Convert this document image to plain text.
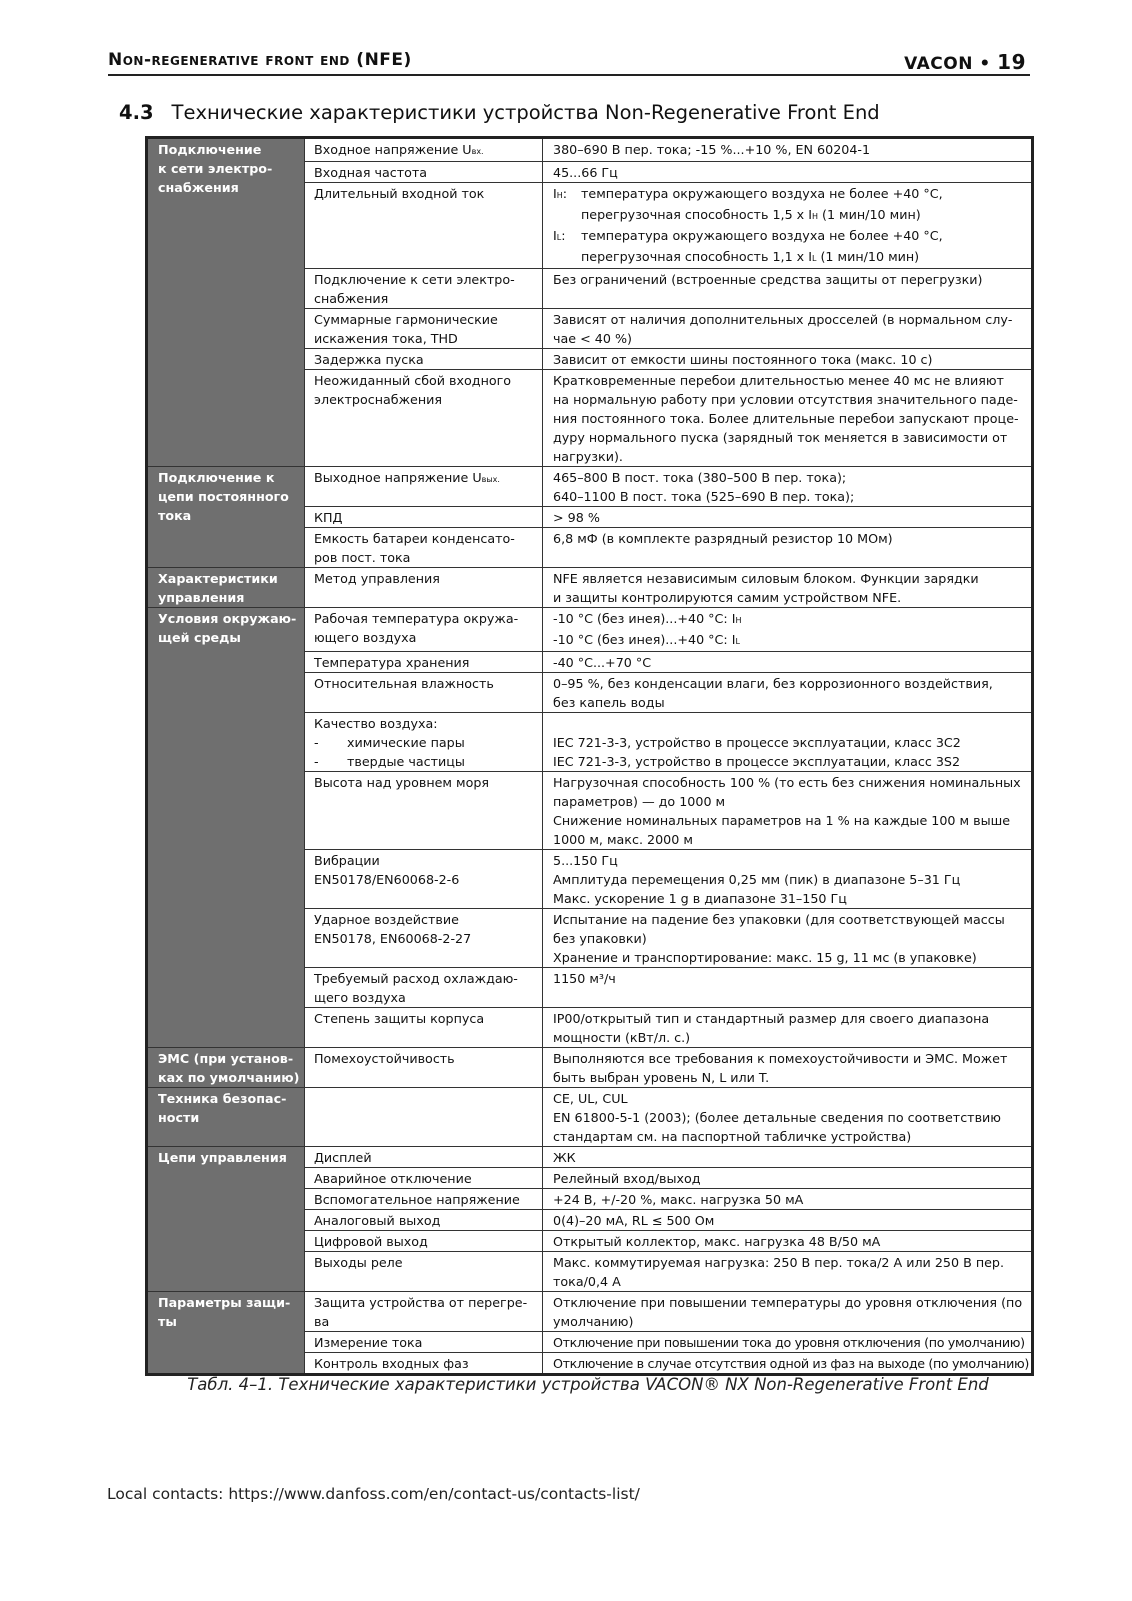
Non-regenerative front end (NFE)	VACON • 19
4.3 Технические характеристики устройства Non-Regenerative Front End
Подключение
к сети электро-
снабжения	Входное напряжение Uвх.	380–690 В пер. тока; -15 %...+10 %, EN 60204-1

	Входная частота	45...66 Гц

	Длительный входной ток	IH: температура окружающего воздуха не более +40 °C,
перегрузочная способность 1,5 x IH (1 мин/10 мин)
IL: температура окружающего воздуха не более +40 °C,
перегрузочная способность 1,1 x IL (1 мин/10 мин)

	Подключение к сети электро-
снабжения	Без ограничений (встроенные средства защиты от перегрузки)

	Суммарные гармонические
искажения тока, THD	Зависят от наличия дополнительных дросселей (в нормальном слу-
чае < 40 %)

	Задержка пуска	Зависит от емкости шины постоянного тока (макс. 10 с)

	Неожиданный сбой входного
электроснабжения	Кратковременные перебои длительностью менее 40 мс не влияют
на нормальную работу при условии отсутствия значительного паде-
ния постоянного тока. Более длительные перебои запускают проце-
дуру нормального пуска (зарядный ток меняется в зависимости от
нагрузки).

Подключение к
цепи постоянного
тока	Выходное напряжение Uвых.	465–800 В пост. тока (380–500 В пер. тока);
640–1100 В пост. тока (525–690 В пер. тока);

	КПД	> 98 %

	Емкость батареи конденсато-
ров пост. тока	6,8 мФ (в комплекте разрядный резистор 10 МОм)

Характеристики
управления	Метод управления	NFE является независимым силовым блоком. Функции зарядки
и защиты контролируются самим устройством NFE.

Условия окружаю-
щей среды	Рабочая температура окружа-
ющего воздуха	-10 °C (без инея)...+40 °C: IH
-10 °C (без инея)...+40 °C: IL

	Температура хранения	-40 °C...+70 °C

	Относительная влажность	0–95 %, без конденсации влаги, без коррозионного воздействия,
без капель воды

	Качество воздуха:
- химические пары
- твердые частицы	IEC 721-3-3, устройство в процессе эксплуатации, класс 3C2
IEC 721-3-3, устройство в процессе эксплуатации, класс 3S2

	Высота над уровнем моря	Нагрузочная способность 100 % (то есть без снижения номинальных
параметров) — до 1000 м
Снижение номинальных параметров на 1 % на каждые 100 м выше
1000 м, макс. 2000 м

	Вибрации
EN50178/EN60068-2-6	5...150 Гц
Амплитуда перемещения 0,25 мм (пик) в диапазоне 5–31 Гц
Макс. ускорение 1 g в диапазоне 31–150 Гц

	Ударное воздействие
EN50178, EN60068-2-27	Испытание на падение без упаковки (для соответствующей массы
без упаковки)
Хранение и транспортирование: макс. 15 g, 11 мс (в упаковке)

	Требуемый расход охлаждаю-
щего воздуха	1150 м³/ч

	Степень защиты корпуса	IP00/открытый тип и стандартный размер для своего диапазона
мощности (кВт/л. с.)

ЭМС (при установ-
ках по умолчанию)	Помехоустойчивость	Выполняются все требования к помехоустойчивости и ЭМС. Может
быть выбран уровень N, L или T.

Техника безопас-
ности		CE, UL, CUL
EN 61800-5-1 (2003); (более детальные сведения по соответствию
стандартам см. на паспортной табличке устройства)

Цепи управления	Дисплей	ЖК

	Аварийное отключение	Релейный вход/выход

	Вспомогательное напряжение	+24 В, +/-20 %, макс. нагрузка 50 мА

	Аналоговый выход	0(4)–20 мА, RL ≤ 500 Ом

	Цифровой выход	Открытый коллектор, макс. нагрузка 48 В/50 мА

	Выходы реле	Макс. коммутируемая нагрузка: 250 В пер. тока/2 А или 250 В пер.
тока/0,4 А

Параметры защи-
ты	Защита устройства от перегре-
ва	Отключение при повышении температуры до уровня отключения (по
умолчанию)

	Измерение тока	Отключение при повышении тока до уровня отключения (по умолчанию)

	Контроль входных фаз	Отключение в случае отсутствия одной из фаз на выходе (по умолчанию)
Табл. 4–1. Технические характеристики устройства VACON® NX Non-Regenerative Front End
Local contacts: https://www.danfoss.com/en/contact-us/contacts-list/
